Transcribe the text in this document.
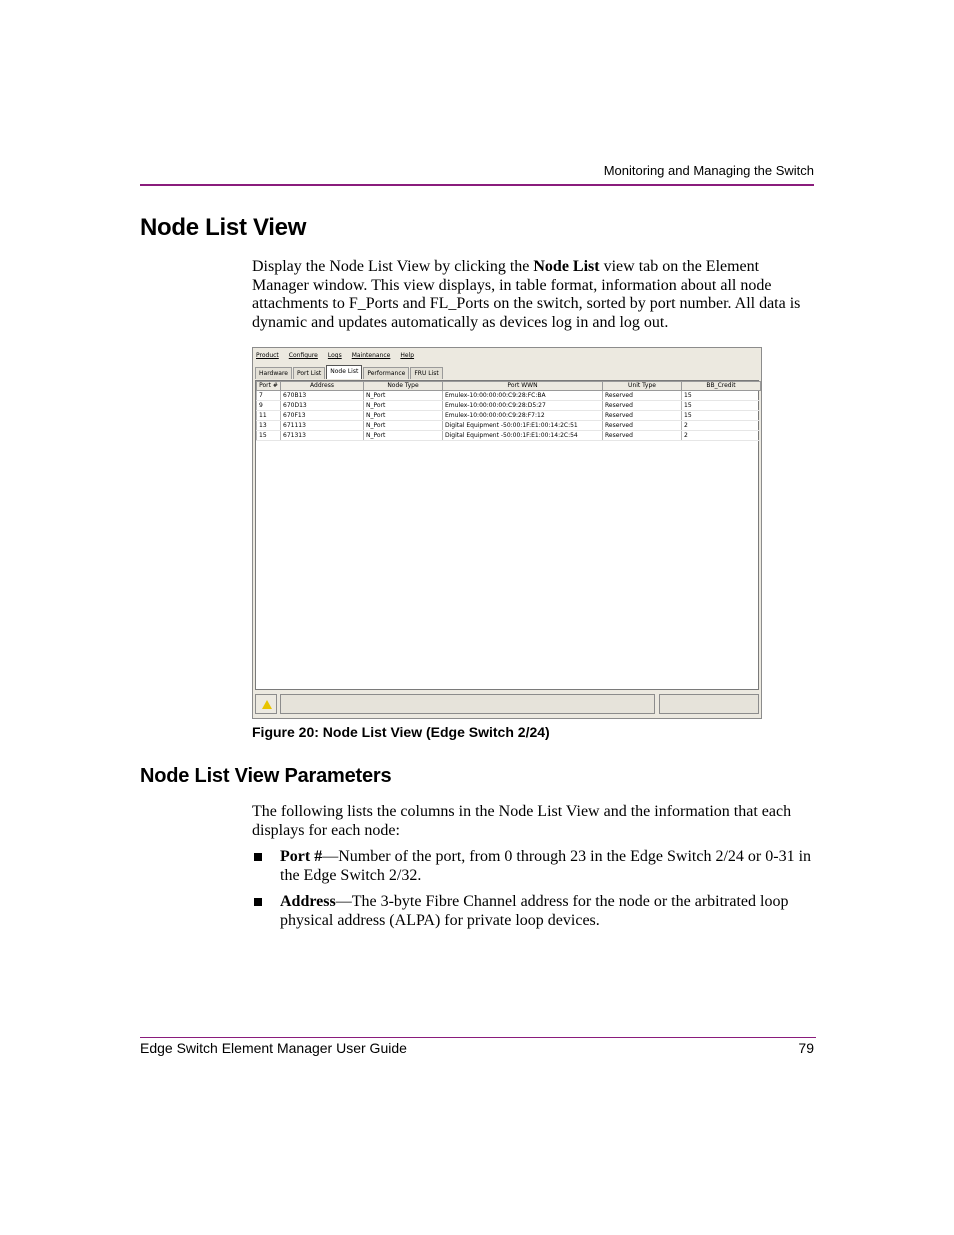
Monitoring and Managing the Switch
Node List View

Display the Node List View by clicking the Node List view tab on the Element Manager window. This view displays, in table format, information about all node attachments to F_Ports and FL_Ports on the switch, sorted by port number. All data is dynamic and updates automatically as devices log in and log out.

Product Configure Logs Maintenance Help
Hardware	Port List	Node List	Performance	FRU List
Port #	Address	Node Type	Port WWN	Unit Type	BB_Credit
7	670B13	N_Port	Emulex-10:00:00:00:C9:28:FC:BA	Reserved	15
9	670D13	N_Port	Emulex-10:00:00:00:C9:28:D5:27	Reserved	15
11	670F13	N_Port	Emulex-10:00:00:00:C9:28:F7:12	Reserved	15
13	671113	N_Port	Digital Equipment -50:00:1F:E1:00:14:2C:51	Reserved	2
15	671313	N_Port	Digital Equipment -50:00:1F:E1:00:14:2C:54	Reserved	2
Figure 20: Node List View (Edge Switch 2/24)
Node List View Parameters

The following lists the columns in the Node List View and the information that each displays for each node:

Port #—Number of the port, from 0 through 23 in the Edge Switch 2/24 or 0-31 in the Edge Switch 2/32.
Address—The 3-byte Fibre Channel address for the node or the arbitrated loop physical address (ALPA) for private loop devices.
Edge Switch Element Manager User Guide	79
